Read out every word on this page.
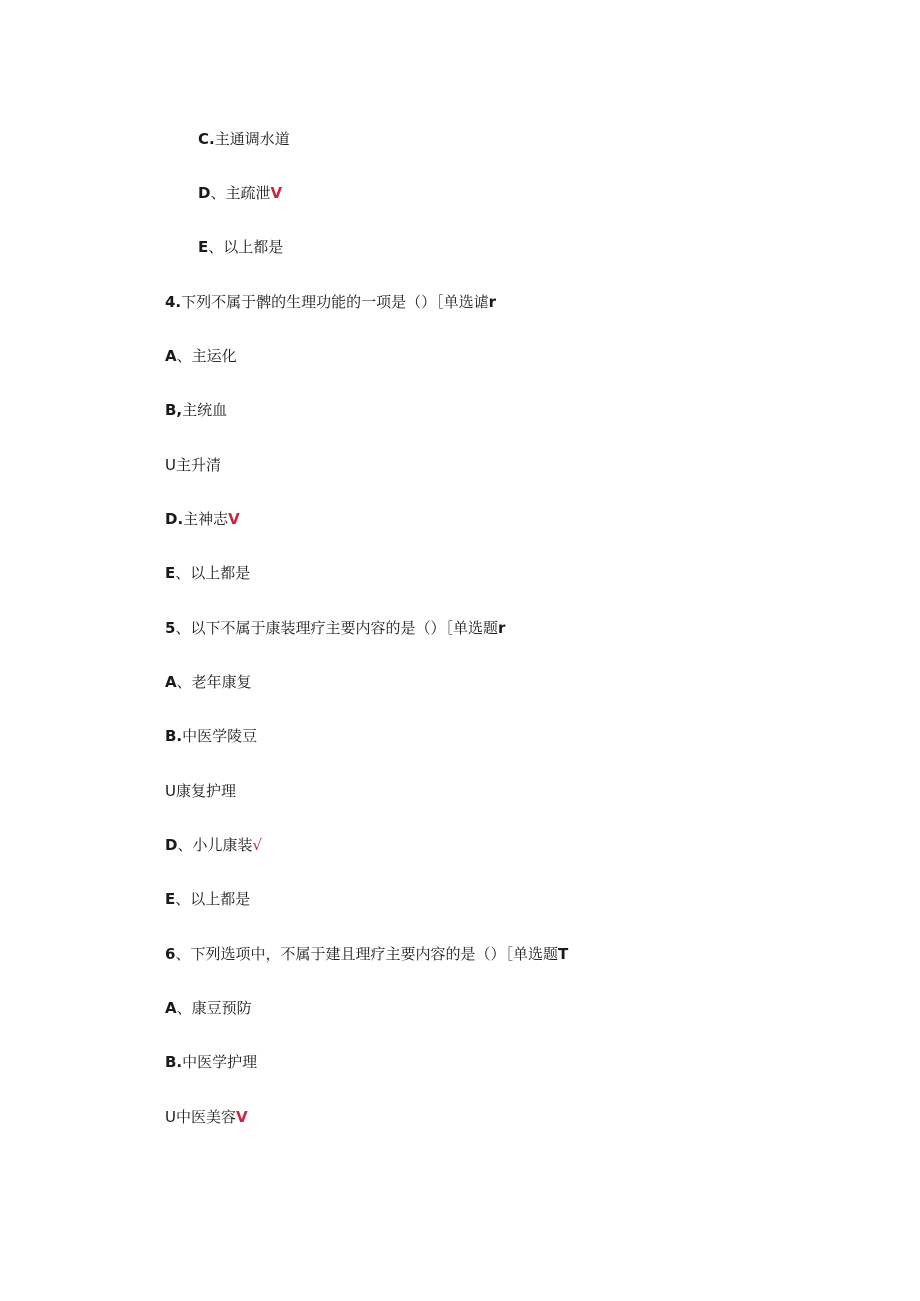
C.主通调水道
D、主疏泄V
E、以上都是
4.下列不属于髀的生理功能的一项是（）［单选谑r
A、主运化
B,主统血
U主升清
D.主神志V
E、以上都是
5、以下不属于康装理疗主要内容的是（）［单选题r
A、老年康复
B.中医学陵豆
U康复护理
D、小儿康装√
E、以上都是
6、下列选项中，不属于建且理疗主要内容的是（）［单选题T
A、康豆预防
B.中医学护理
U中医美容V
